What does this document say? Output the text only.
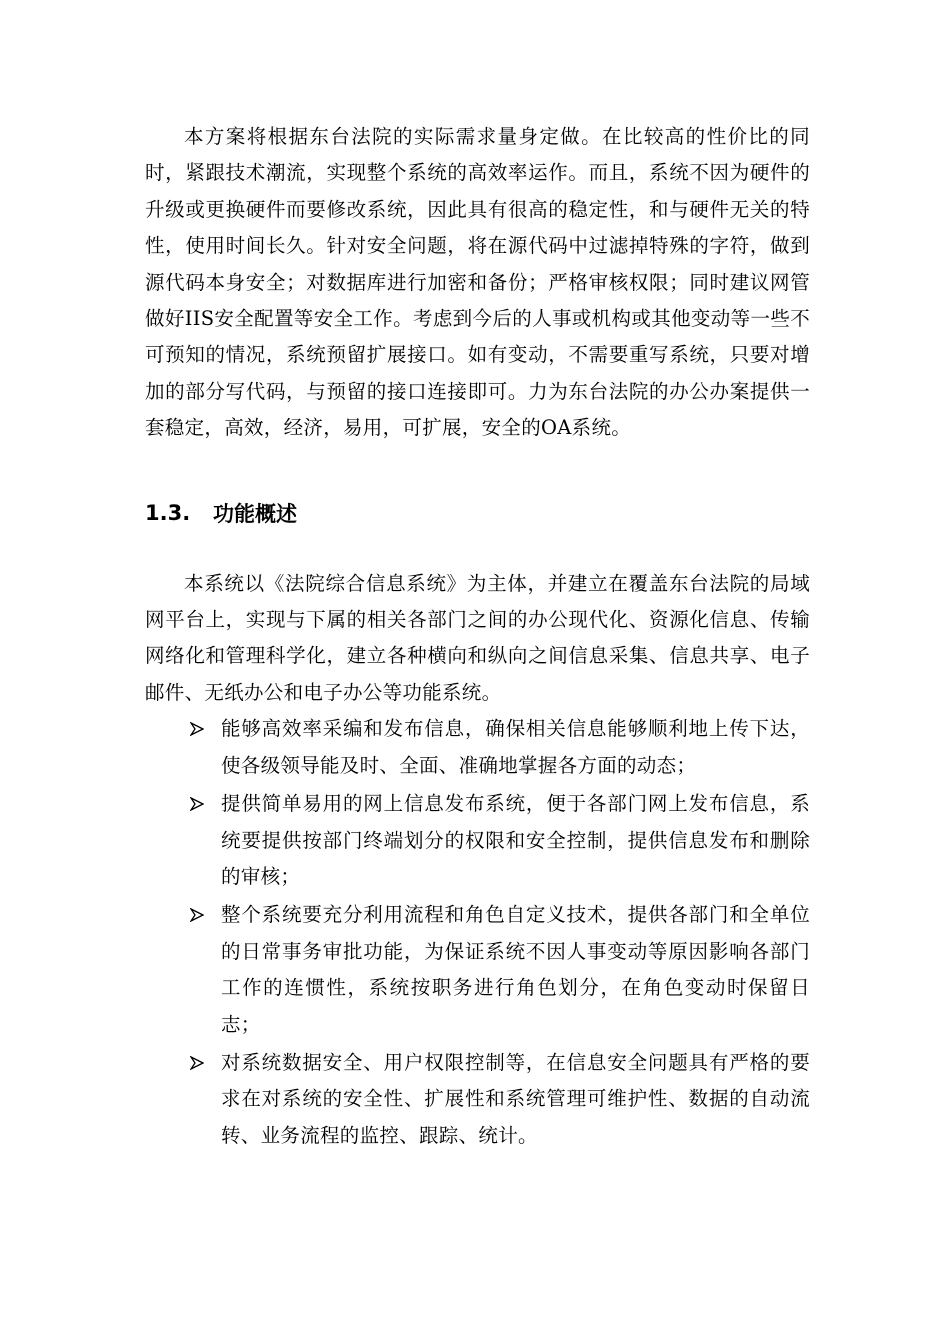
本方案将根据东台法院的实际需求量身定做。在比较高的性价比的同时，紧跟技术潮流，实现整个系统的高效率运作。而且，系统不因为硬件的升级或更换硬件而要修改系统，因此具有很高的稳定性，和与硬件无关的特性，使用时间长久。针对安全问题，将在源代码中过滤掉特殊的字符，做到源代码本身安全；对数据库进行加密和备份；严格审核权限；同时建议网管做好IIS安全配置等安全工作。考虑到今后的人事或机构或其他变动等一些不可预知的情况，系统预留扩展接口。如有变动，不需要重写系统，只要对增加的部分写代码，与预留的接口连接即可。力为东台法院的办公办案提供一套稳定，高效，经济，易用，可扩展，安全的OA系统。

1.3.	功能概述

本系统以《法院综合信息系统》为主体，并建立在覆盖东台法院的局域网平台上，实现与下属的相关各部门之间的办公现代化、资源化信息、传输网络化和管理科学化，建立各种横向和纵向之间信息采集、信息共享、电子邮件、无纸办公和电子办公等功能系统。

能够高效率采编和发布信息，确保相关信息能够顺利地上传下达，使各级领导能及时、全面、准确地掌握各方面的动态；
提供简单易用的网上信息发布系统，便于各部门网上发布信息，系统要提供按部门终端划分的权限和安全控制，提供信息发布和删除的审核；
整个系统要充分利用流程和角色自定义技术，提供各部门和全单位的日常事务审批功能，为保证系统不因人事变动等原因影响各部门工作的连惯性，系统按职务进行角色划分，在角色变动时保留日志；
对系统数据安全、用户权限控制等，在信息安全问题具有严格的要求在对系统的安全性、扩展性和系统管理可维护性、数据的自动流转、业务流程的监控、跟踪、统计。
